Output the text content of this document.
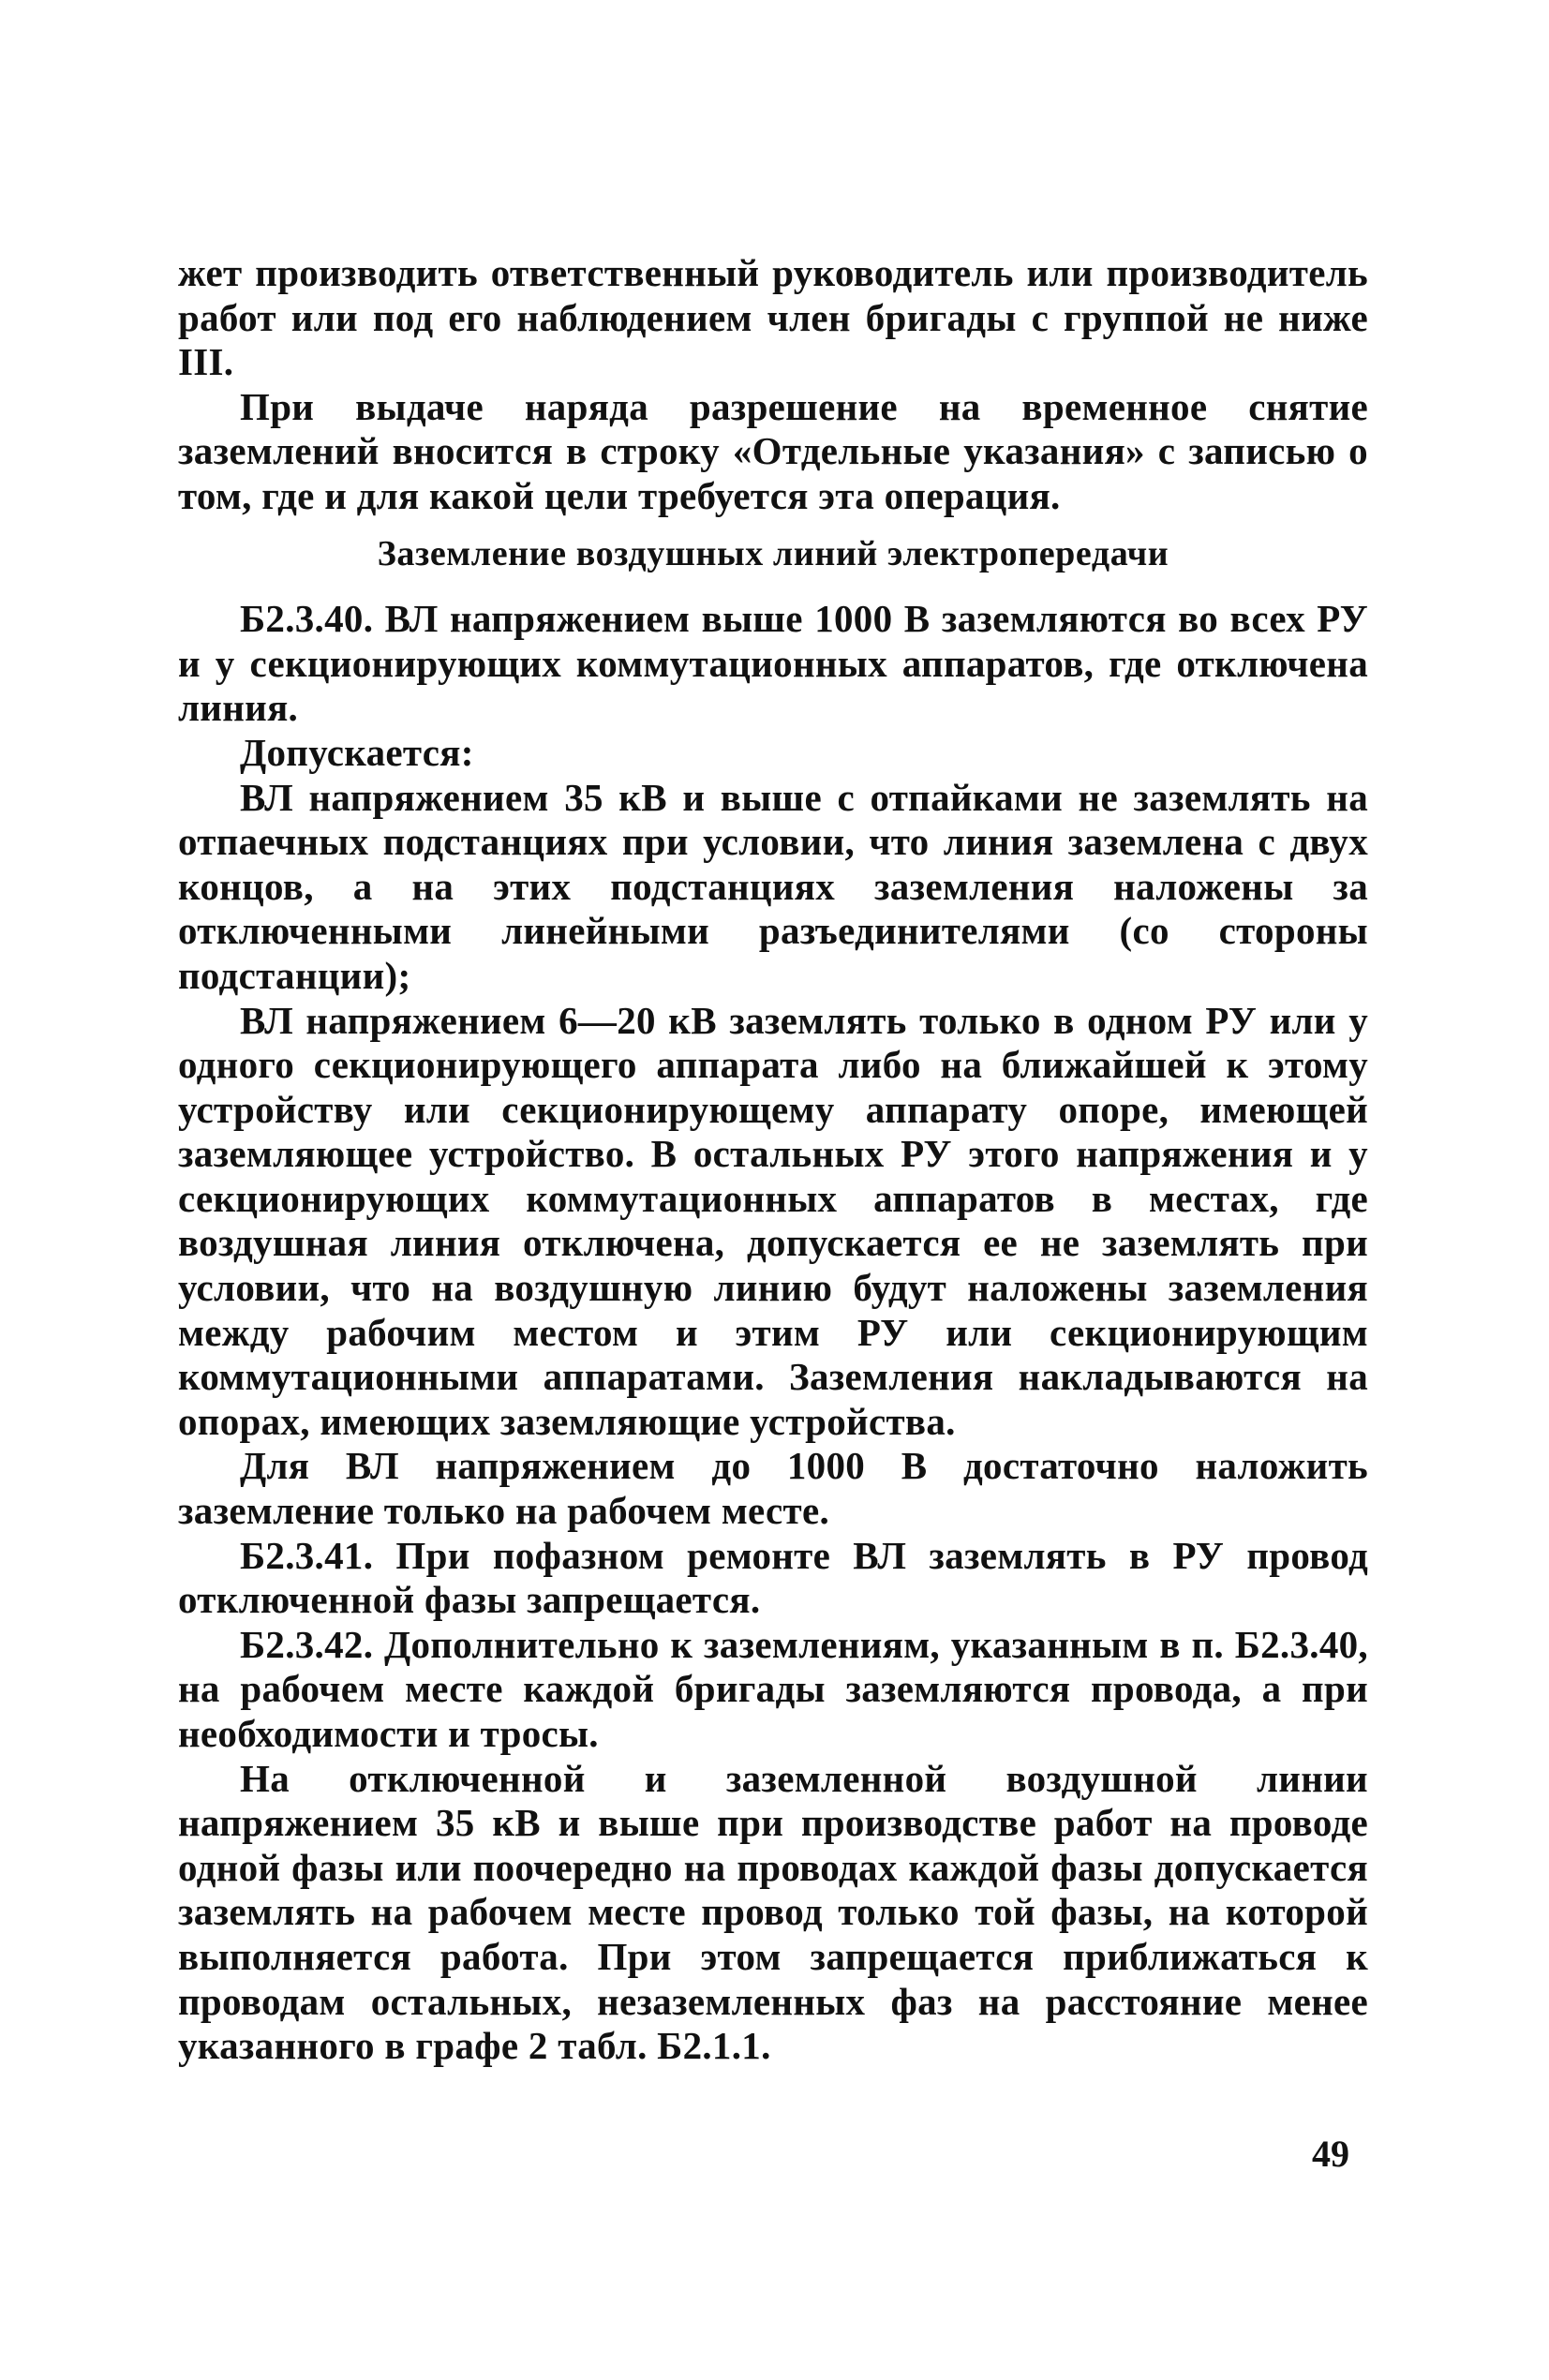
жет производить ответственный руководитель или производитель работ или под его наблюдением член бригады с группой не ниже III.

При выдаче наряда разрешение на временное снятие заземлений вносится в строку «Отдельные указания» с записью о том, где и для какой цели требуется эта операция.

Заземление воздушных линий электропередачи

Б2.3.40. ВЛ напряжением выше 1000 В заземляются во всех РУ и у секционирующих коммутационных аппаратов, где отключена линия.

Допускается:

ВЛ напряжением 35 кВ и выше с отпайками не заземлять на отпаечных подстанциях при условии, что линия заземлена с двух концов, а на этих подстанциях заземления наложены за отключенными линейными разъединителями (со стороны подстанции);

ВЛ напряжением 6—20 кВ заземлять только в одном РУ или у одного секционирующего аппарата либо на ближайшей к этому устройству или секционирующему аппарату опоре, имеющей заземляющее устройство. В остальных РУ этого напряжения и у секционирующих коммутационных аппаратов в местах, где воздушная линия отключена, допускается ее не заземлять при условии, что на воздушную линию будут наложены заземления между рабочим местом и этим РУ или секционирующим коммутационными аппаратами. Заземления накладываются на опорах, имеющих заземляющие устройства.

Для ВЛ напряжением до 1000 В достаточно наложить заземление только на рабочем месте.

Б2.3.41. При пофазном ремонте ВЛ заземлять в РУ провод отключенной фазы запрещается.

Б2.3.42. Дополнительно к заземлениям, указанным в п. Б2.3.40, на рабочем месте каждой бригады заземляются провода, а при необходимости и тросы.

На отключенной и заземленной воздушной линии напряжением 35 кВ и выше при производстве работ на проводе одной фазы или поочередно на проводах каждой фазы допускается заземлять на рабочем месте провод только той фазы, на которой выполняется работа. При этом запрещается приближаться к проводам остальных, незаземленных фаз на расстояние менее указанного в графе 2 табл. Б2.1.1.

49
